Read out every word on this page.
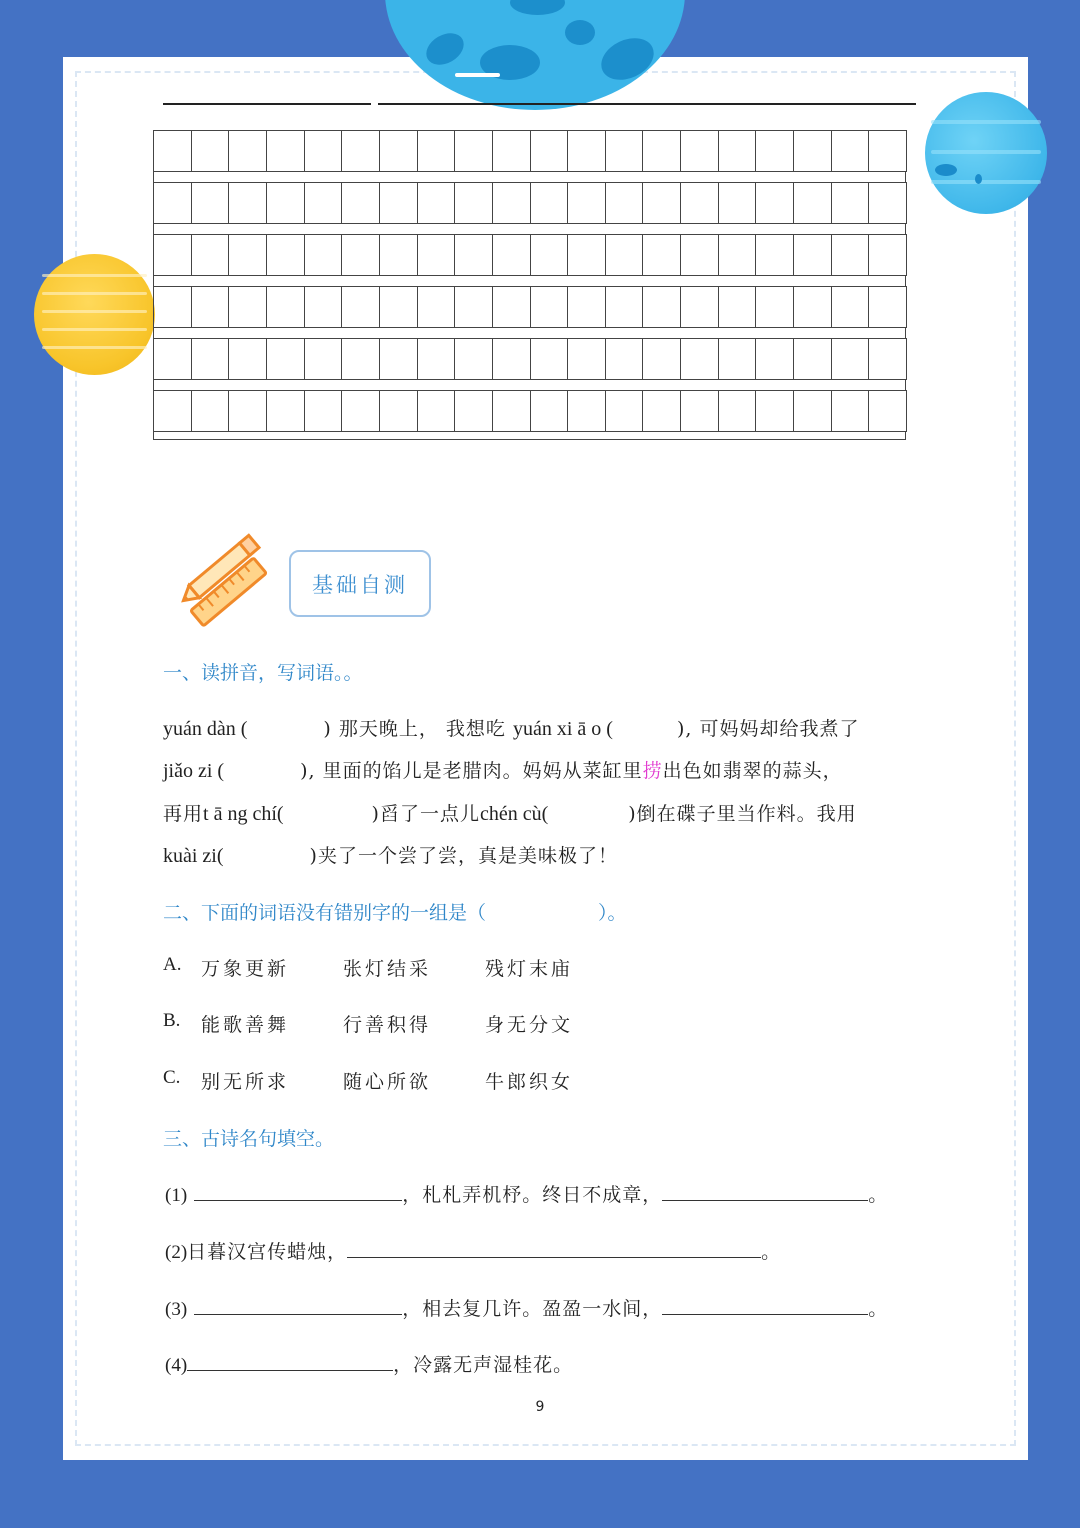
基础自测
一、读拼音，写词语。。
yuán dàn (	) 那天晚上， 我想吃 yuán xi ā o (	), 可妈妈却给我煮了
jiǎo zi (	), 里面的馅儿是老腊肉。妈妈从菜缸里捞出色如翡翠的蒜头，
再用t ā ng chí(	)舀了一点儿chén cù(	)倒在碟子里当作料。我用
kuài zi(	)夹了一个尝了尝，真是美味极了！
二、下面的词语没有错别字的一组是（	）。
A. 万象更新	张灯结采	残灯末庙
B. 能歌善舞	行善积得	身无分文
C. 别无所求	随心所欲	牛郎织女
三、古诗名句填空。
(1)	，札札弄机杼。终日不成章，	。
(2)日暮汉宫传蜡烛，	。
(3)	，相去复几许。盈盈一水间，	。
(4)	，冷露无声湿桂花。
9
